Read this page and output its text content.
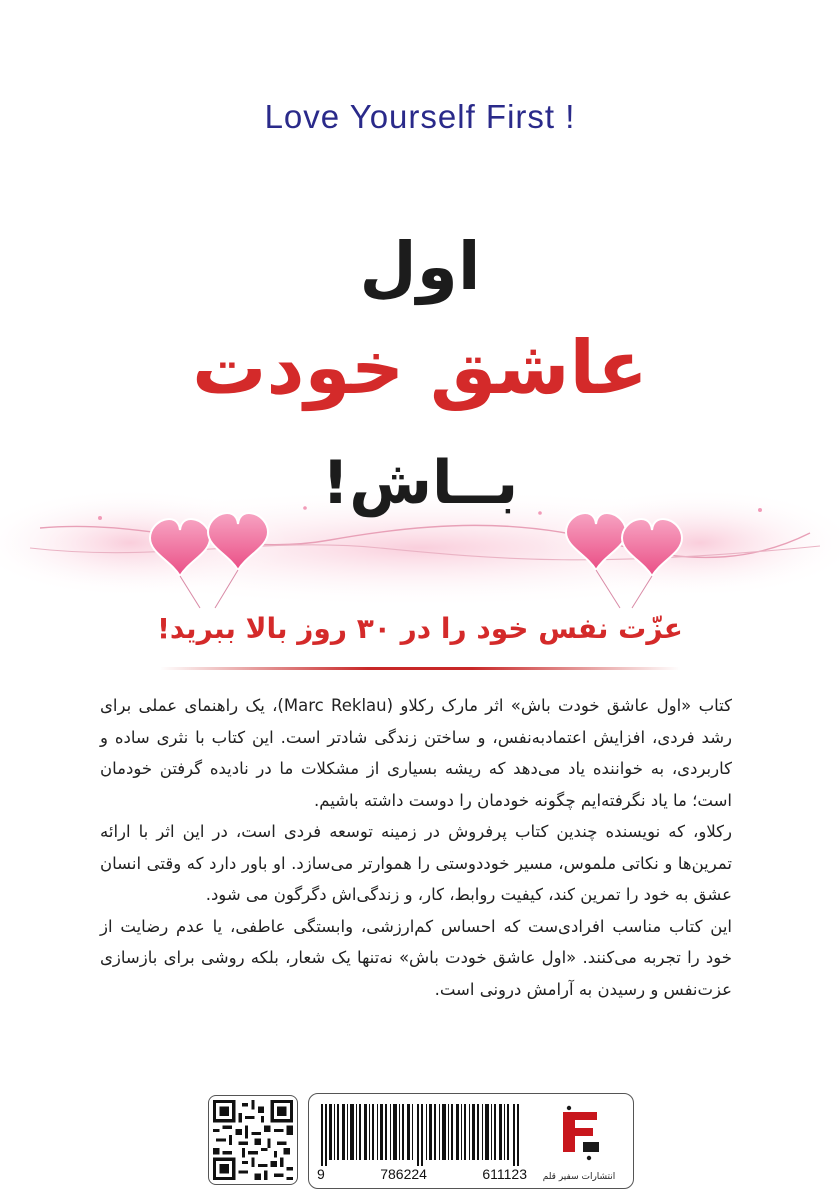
Love Yourself First !
اول
عاشق خودت
بــاش!
عزّت نفس خود را در ۳۰ روز بالا ببرید!

کتاب «اول عاشق خودت باش» اثر مارک رکلاو (Marc Reklau)، یک راهنمای عملی برای رشد فردی، افزایش اعتمادبه‌نفس، و ساختن زندگی شادتر است. این کتاب با نثری ساده و کاربردی، به خواننده یاد می‌دهد که ریشه بسیاری از مشکلات ما در نادیده گرفتن خودمان است؛ ما یاد نگرفته‌ایم چگونه خودمان را دوست داشته باشیم.

رکلاو، که نویسنده چندین کتاب پرفروش در زمینه توسعه فردی است، در این اثر با ارائه تمرین‌ها و نکاتی ملموس، مسیر خوددوستی را هموارتر می‌سازد. او باور دارد که وقتی انسان عشق به خود را تمرین کند، کیفیت روابط، کار، و زندگی‌اش دگرگون می شود.

این کتاب مناسب افرادی‌ست که احساس کم‌ارزشی، وابستگی عاطفی، یا عدم رضایت از خود را تجربه می‌کنند. «اول عاشق خودت باش» نه‌تنها یک شعار، بلکه روشی برای بازسازی عزت‌نفس و رسیدن به آرامش درونی است.

9	786224	611123	انتشارات سفیر قلم
